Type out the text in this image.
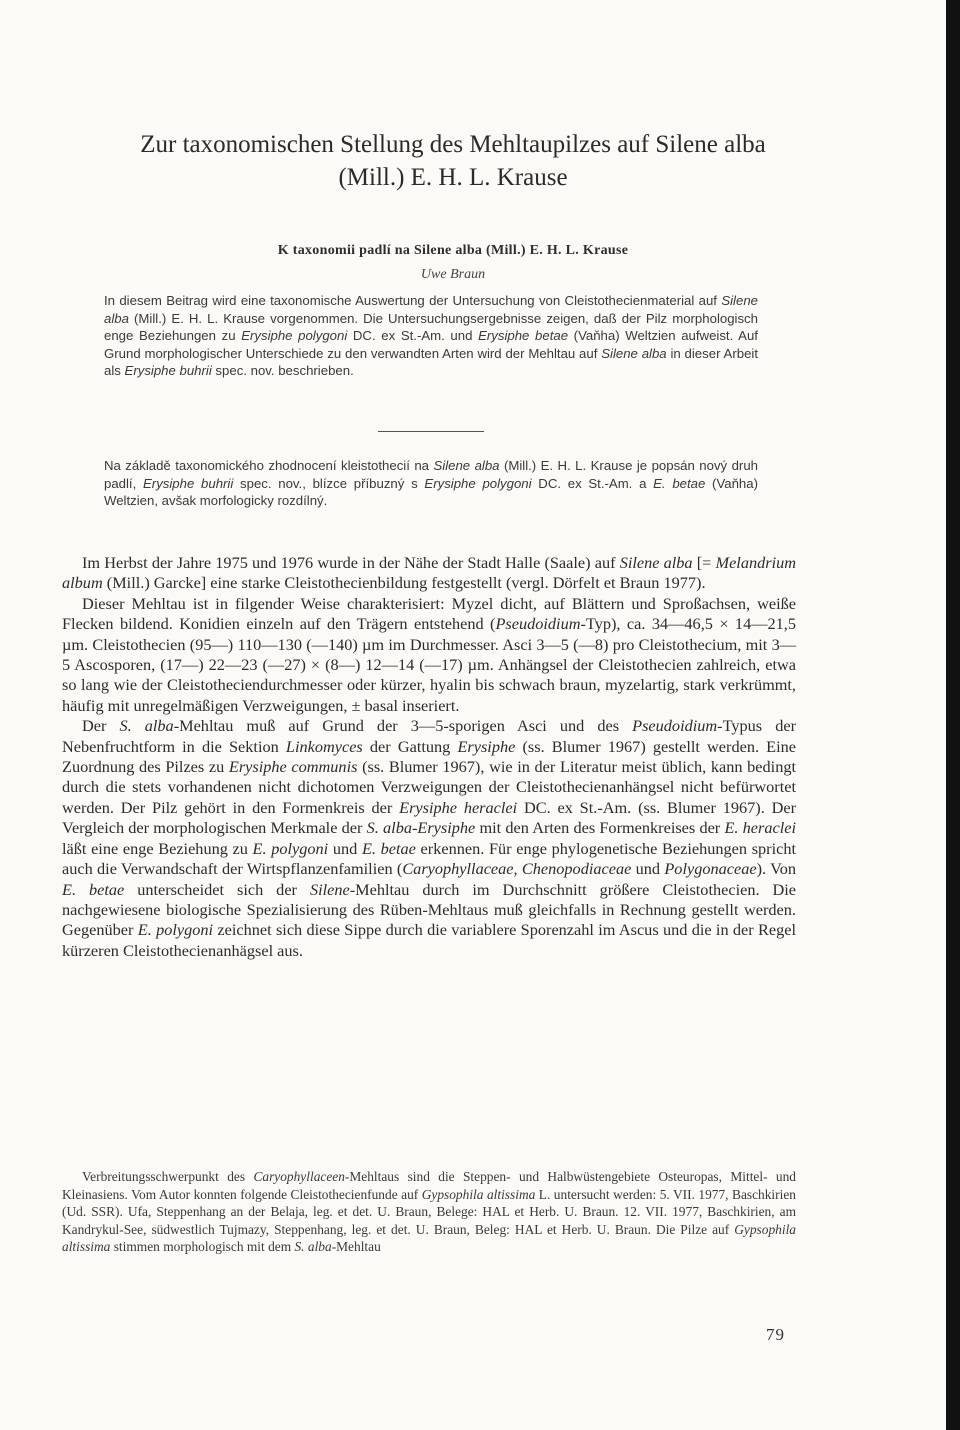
Zur taxonomischen Stellung des Mehltaupilzes auf Silene alba
(Mill.) E. H. L. Krause
K taxonomii padlí na Silene alba (Mill.) E. H. L. Krause
Uwe Braun

In diesem Beitrag wird eine taxonomische Auswertung der Untersuchung von Cleistothecienmaterial auf Silene alba (Mill.) E. H. L. Krause vorgenommen. Die Untersuchungsergebnisse zeigen, daß der Pilz morphologisch enge Beziehungen zu Erysiphe polygoni DC. ex St.-Am. und Erysiphe betae (Vaňha) Weltzien aufweist. Auf Grund morphologischer Unterschiede zu den verwandten Arten wird der Mehltau auf Silene alba in dieser Arbeit als Erysiphe buhrii spec. nov. beschrieben.

Na základě taxonomického zhodnocení kleistothecií na Silene alba (Mill.) E. H. L. Krause je popsán nový druh padlí, Erysiphe buhrii spec. nov., blízce příbuzný s Erysiphe polygoni DC. ex St.-Am. a E. betae (Vaňha) Weltzien, avšak morfologicky rozdílný.

Im Herbst der Jahre 1975 und 1976 wurde in der Nähe der Stadt Halle (Saale) auf Silene alba [= Melandrium album (Mill.) Garcke] eine starke Cleistothecienbildung festgestellt (vergl. Dörfelt et Braun 1977).

Dieser Mehltau ist in filgender Weise charakterisiert: Myzel dicht, auf Blättern und Sproßachsen, weiße Flecken bildend. Konidien einzeln auf den Trägern entstehend (Pseudoidium-Typ), ca. 34—46,5 × 14—21,5 µm. Cleistothecien (95—) 110—130 (—140) µm im Durchmesser. Asci 3—5 (—8) pro Cleistothecium, mit 3—5 Ascosporen, (17—) 22—23 (—27) × (8—) 12—14 (—17) µm. Anhängsel der Cleistothecien zahlreich, etwa so lang wie der Cleistotheciendurchmesser oder kürzer, hyalin bis schwach braun, myzelartig, stark verkrümmt, häufig mit unregelmäßigen Verzweigungen, ± basal inseriert.

Der S. alba-Mehltau muß auf Grund der 3—5-sporigen Asci und des Pseudoidium-Typus der Nebenfruchtform in die Sektion Linkomyces der Gattung Erysiphe (ss. Blumer 1967) gestellt werden. Eine Zuordnung des Pilzes zu Erysiphe communis (ss. Blumer 1967), wie in der Literatur meist üblich, kann bedingt durch die stets vorhandenen nicht dichotomen Verzweigungen der Cleistothecienanhängsel nicht befürwortet werden. Der Pilz gehört in den Formenkreis der Erysiphe heraclei DC. ex St.-Am. (ss. Blumer 1967). Der Vergleich der morphologischen Merkmale der S. alba-Erysiphe mit den Arten des Formenkreises der E. heraclei läßt eine enge Beziehung zu E. polygoni und E. betae erkennen. Für enge phylogenetische Beziehungen spricht auch die Verwandschaft der Wirtspflanzenfamilien (Caryophyllaceae, Chenopodiaceae und Polygonaceae). Von E. betae unterscheidet sich der Silene-Mehltau durch im Durchschnitt größere Cleistothecien. Die nachgewiesene biologische Spezialisierung des Rüben-Mehltaus muß gleichfalls in Rechnung gestellt werden. Gegenüber E. polygoni zeichnet sich diese Sippe durch die variablere Sporenzahl im Ascus und die in der Regel kürzeren Cleistothecienanhägsel aus.

Verbreitungsschwerpunkt des Caryophyllaceen-Mehltaus sind die Steppen- und Halbwüstengebiete Osteuropas, Mittel- und Kleinasiens. Vom Autor konnten folgende Cleistothecienfunde auf Gypsophila altissima L. untersucht werden: 5. VII. 1977, Baschkirien (Ud. SSR). Ufa, Steppenhang an der Belaja, leg. et det. U. Braun, Belege: HAL et Herb. U. Braun. 12. VII. 1977, Baschkirien, am Kandrykul-See, südwestlich Tujmazy, Steppenhang, leg. et det. U. Braun, Beleg: HAL et Herb. U. Braun. Die Pilze auf Gypsophila altissima stimmen morphologisch mit dem S. alba-Mehltau

79
